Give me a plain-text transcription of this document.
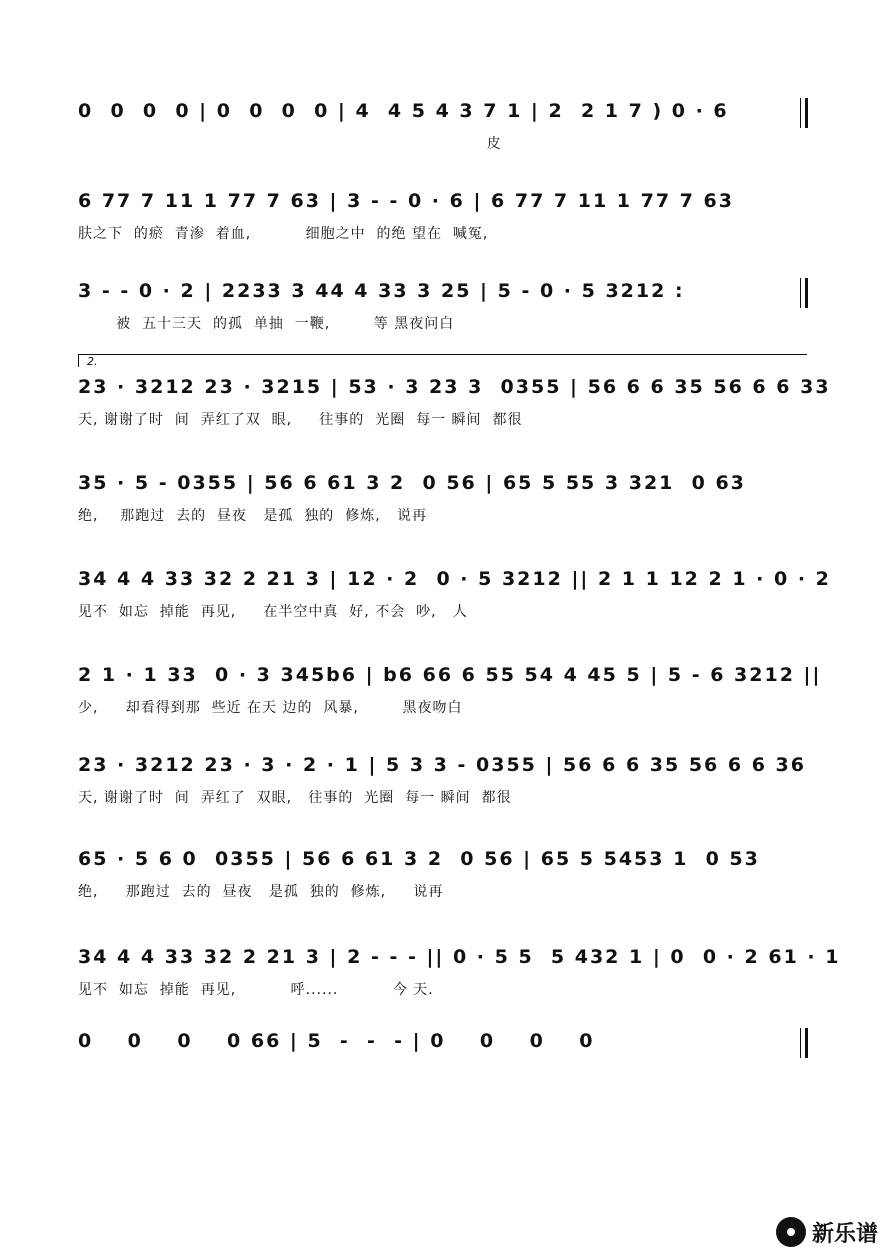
0  0  0  0 | 0  0  0  0 | 4  4 5 4 3 7 1 | 2  2 1 7 ) 0 · 6
皮
6 77 7 11 1 77 7 63 | 3 - - 0 · 6 | 6 77 7 11 1 77 7 63
肤之下  的瘀  青渗  着血,          细胞之中  的绝 望在  喊冤,
3 - - 0 · 2 | 2233 3 44 4 33 3 25 | 5 - 0 · 5 3212 :
被  五十三天  的孤  单抽  一鞭,        等 黑夜问白
2.
23 · 3212 23 · 3215 | 53 · 3 23 3  0355 | 56 6 6 35 56 6 6 33
天, 谢谢了时  间  弄红了双  眼,     往事的  光圈  每一 瞬间  都很
35 · 5 - 0355 | 56 6 61 3 2  0 56 | 65 5 55 3 321  0 63
绝,    那跑过  去的  昼夜   是孤  独的  修炼,   说再
34 4 4 33 32 2 21 3 | 12 · 2  0 · 5 3212 || 2 1 1 12 2 1 · 0 · 2
见不  如忘  掉能  再见,     在半空中真  好, 不会  吵,   人
2 1 · 1 33  0 · 3 345b6 | b6 66 6 55 54 4 45 5 | 5 - 6 3212 ||
少,     却看得到那  些近 在天 边的  风暴,        黑夜吻白
23 · 3212 23 · 3 · 2 · 1 | 5 3 3 - 0355 | 56 6 6 35 56 6 6 36
天, 谢谢了时  间  弄红了  双眼,   往事的  光圈  每一 瞬间  都很
65 · 5 6 0  0355 | 56 6 61 3 2  0 56 | 65 5 5453 1  0 53
绝,     那跑过  去的  昼夜   是孤  独的  修炼,     说再
34 4 4 33 32 2 21 3 | 2 - - - || 0 · 5 5  5 432 1 | 0  0 · 2 61 · 1
见不  如忘  掉能  再见,          呼......          今 天.
0    0    0    0 66 | 5  -  -  - | 0    0    0    0
新乐谱
